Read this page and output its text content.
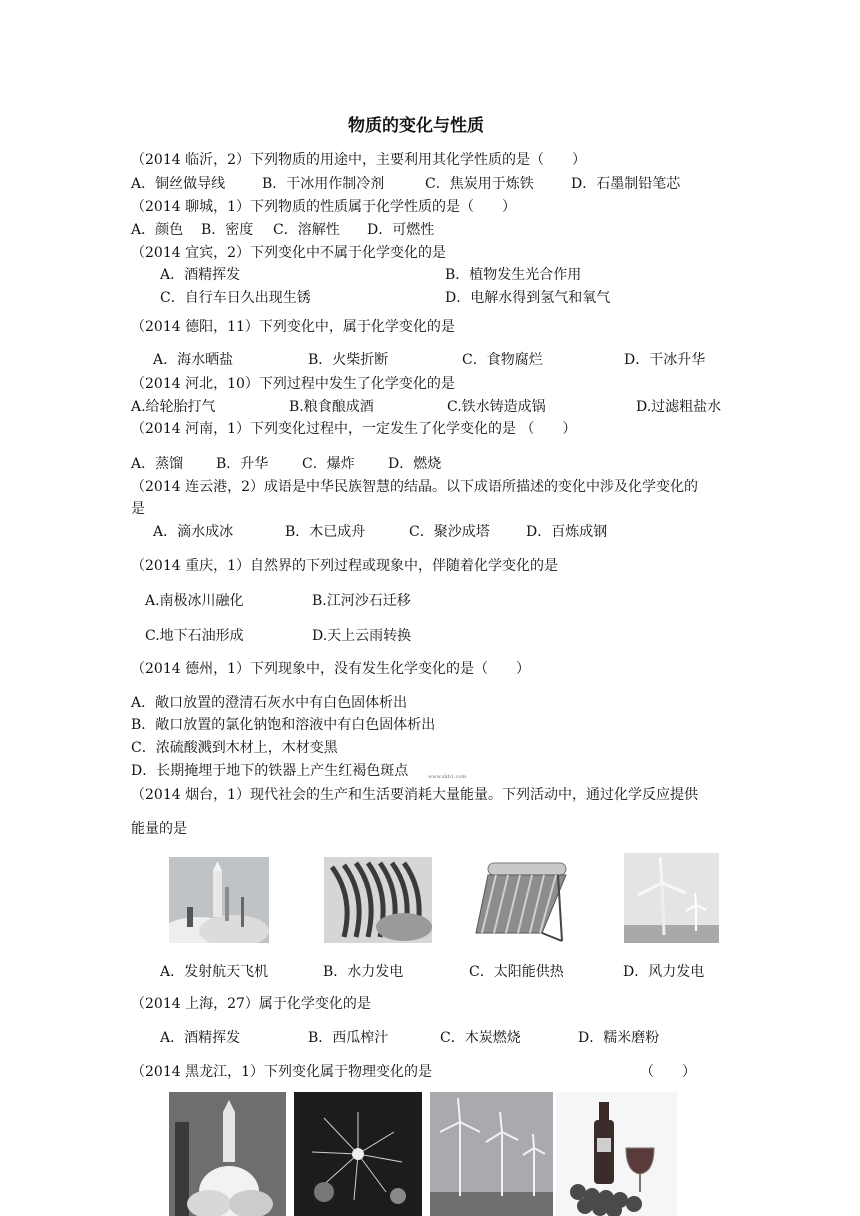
物质的变化与性质
（2014 临沂，2）下列物质的用途中，主要利用其化学性质的是（　　）
A．铜丝做导线	B．干冰用作制冷剂	C．焦炭用于炼铁	D．石墨制铅笔芯
（2014 聊城，1）下列物质的性质属于化学性质的是（　　）
A．颜色 B．密度 C．溶解性 D．可燃性
（2014 宜宾，2）下列变化中不属于化学变化的是
A．酒精挥发	B．植物发生光合作用
C．自行车日久出现生锈	D．电解水得到氢气和氧气
（2014 德阳，11）下列变化中，属于化学变化的是
A．海水晒盐	B．火柴折断	C．食物腐烂	D．干冰升华
（2014 河北，10）下列过程中发生了化学变化的是
A.给轮胎打气	B.粮食酿成酒	C.铁水铸造成锅	D.过滤粗盐水
（2014 河南，1）下列变化过程中，一定发生了化学变化的是 （　　）
A．蒸馏 B．升华 C．爆炸 D．燃烧
（2014 连云港，2）成语是中华民族智慧的结晶。以下成语所描述的变化中涉及化学变化的
是
A．滴水成冰	B．木已成舟	C．聚沙成塔	D．百炼成钢
（2014 重庆，1）自然界的下列过程或现象中，伴随着化学变化的是
A.南极冰川融化	B.江河沙石迁移
C.地下石油形成	D.天上云雨转换
（2014 德州，1）下列现象中，没有发生化学变化的是（　　）
A．敞口放置的澄清石灰水中有白色固体析出
B．敞口放置的氯化钠饱和溶液中有白色固体析出
C．浓硫酸溅到木材上，木材变黑
D．长期掩埋于地下的铁器上产生红褐色斑点	www.xkb1.com
（2014 烟台，1）现代社会的生产和生活要消耗大量能量。下列活动中，通过化学反应提供
能量的是
A．发射航天飞机	B．水力发电	C．太阳能供热	D．风力发电
（2014 上海，27）属于化学变化的是
A．酒精挥发	B．西瓜榨汁	C．木炭燃烧	D．糯米磨粉
（2014 黑龙江，1）下列变化属于物理变化的是	（　　）
